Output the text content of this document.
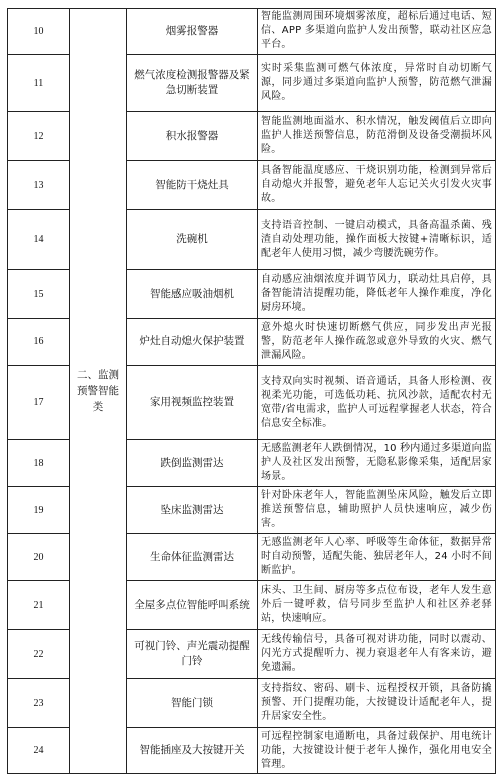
10	二、监测预警智能类	烟雾报警器	智能监测周围环境烟雾浓度，超标后通过电话、短信、APP 多渠道向监护人发出预警，联动社区应急平台。
11		燃气浓度检测报警器及紧急切断装置	实时采集监测可燃气体浓度，异常时自动切断气源，同步通过多渠道向监护人预警，防范燃气泄漏风险。
12		积水报警器	智能监测地面溢水、积水情况，触发阈值后立即向监护人推送预警信息，防范滑倒及设备受潮损坏风险。
13		智能防干烧灶具	具备智能温度感应、干烧识别功能，检测到异常后自动熄火并报警，避免老年人忘记关火引发火灾事故。
14		洗碗机	支持语音控制、一键启动模式，具备高温杀菌、残渣自动处理功能，操作面板大按键+清晰标识，适配老年人使用习惯，减少弯腰洗碗劳作。
15		智能感应吸油烟机	自动感应油烟浓度并调节风力，联动灶具启停，具备智能清洁提醒功能，降低老年人操作难度，净化厨房环境。
16		炉灶自动熄火保护装置	意外熄火时快速切断燃气供应，同步发出声光报警，防范老年人操作疏忽或意外导致的火灾、燃气泄漏风险。
17		家用视频监控装置	支持双向实时视频、语音通话，具备人形检测、夜视柔光功能，可选低功耗、抗风沙款，适配农村无宽带/省电需求，监护人可远程掌握老人状态，符合信息安全标准。
18		跌倒监测雷达	无感监测老年人跌倒情况，10 秒内通过多渠道向监护人及社区发出预警，无隐私影像采集，适配居家场景。
19		坠床监测雷达	针对卧床老年人，智能监测坠床风险，触发后立即推送预警信息，辅助照护人员快速响应，减少伤害。
20		生命体征监测雷达	无感监测老年人心率、呼吸等生命体征，数据异常时自动预警，适配失能、独居老年人，24 小时不间断监护。
21		全屋多点位智能呼叫系统	床头、卫生间、厨房等多点位布设，老年人发生意外后一键呼救，信号同步至监护人和社区养老驿站，快速响应。
22		可视门铃、声光震动提醒门铃	无线传输信号，具备可视对讲功能，同时以震动、闪光方式提醒听力、视力衰退老年人有客来访，避免遗漏。
23		智能门锁	支持指纹、密码、刷卡、远程授权开锁，具备防撬预警、开门提醒功能，大按键设计适配老年人，提升居家安全性。
24		智能插座及大按键开关	可远程控制家电通断电，具备过载保护、用电统计功能，大按键设计便于老年人操作，强化用电安全管理。
